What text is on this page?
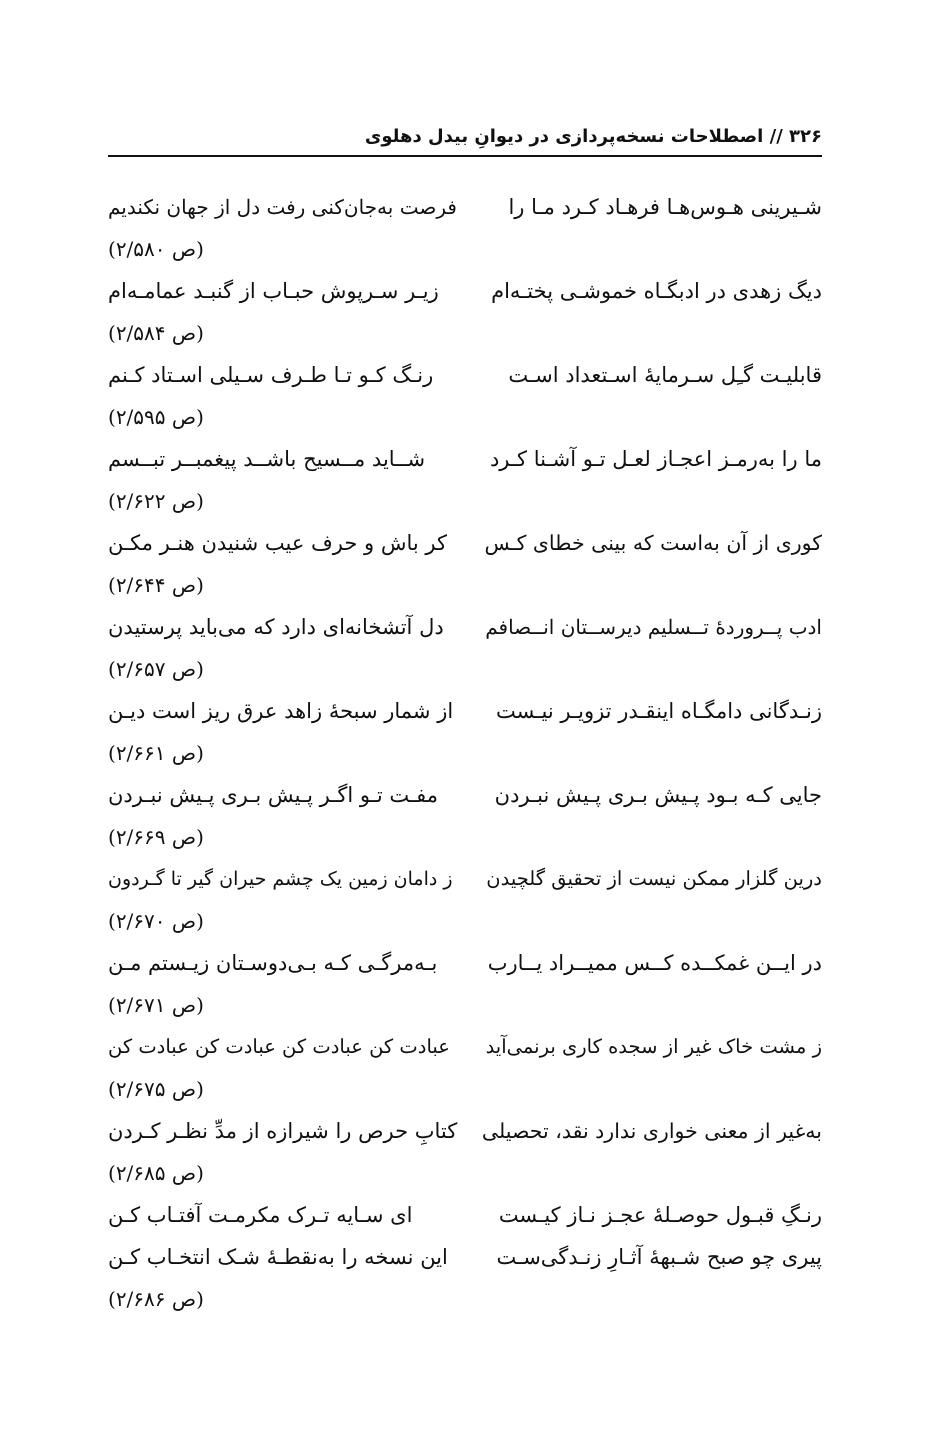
۳۲۶ // اصطلاحات نسخه‌پردازی در دیوانِ بیدل دهلوی
شـیرینی هـوس‌هـا فرهـاد کـرد مـا را
فرصت به‌جان‌کنی رفت دل از جهان نکندیم
(ص ۲/۵۸۰)
دیگ زهدی در ادبگـاه خموشـی پختـه‌ام
زیـر سـرپوش حبـاب از گنبـد عمامـه‌ام
(ص ۲/۵۸۴)
قابلیـت گـِل سـرمایهٔ اسـتعداد اسـت
رنـگ کـو تـا طـرف سـیلی اسـتاد کـنم
(ص ۲/۵۹۵)
ما را به‌رمـز اعجـاز لعـل تـو آشـنا کـرد
شــاید مــسیح باشــد پیغمبــر تبــسم
(ص ۲/۶۲۲)
کوری از آن به‌است که بینی خطای کـس
کر باش و حرف عیب شنیدن هنـر مکـن
(ص ۲/۶۴۴)
ادب پــروردهٔ تــسلیم دیرســتان انــصافم
دل آتشخانه‌ای دارد که می‌باید پرستیدن
(ص ۲/۶۵۷)
زنـدگانی دامگـاه اینقـدر تزویـر نیـست
از شمار سبحهٔ زاهد عرق ریز است دیـن
(ص ۲/۶۶۱)
جایی کـه بـود پـیش بـری پـیش نبـردن
مفـت تـو اگـر پـیش بـری پـیش نبـردن
(ص ۲/۶۶۹)
درین گلزار ممکن نیست از تحقیق گلچیدن
ز دامان زمین یک چشم حیران گیر تا گـردون
(ص ۲/۶۷۰)
در ایــن غمکــده کــس ممیــراد یــارب
بـه‌مرگـی کـه بـی‌دوسـتان زیـستم مـن
(ص ۲/۶۷۱)
ز مشت خاک غیر از سجده کاری برنمی‌آید
عبادت کن عبادت کن عبادت کن عبادت کن
(ص ۲/۶۷۵)
به‌غیر از معنی خواری ندارد نقد، تحصیلی
کتابِ حرص را شیرازه از مدِّ نظـر کـردن
(ص ۲/۶۸۵)
رنـگِ قبـول حوصـلهٔ عجـز نـاز کیـست
ای سـایه تـرک مکرمـت آفتـاب کـن
پیری چو صبح شـبههٔ آثـارِ زنـدگی‌سـت
این نسخه را به‌نقطـهٔ شـک انتخـاب کـن
(ص ۲/۶۸۶)
